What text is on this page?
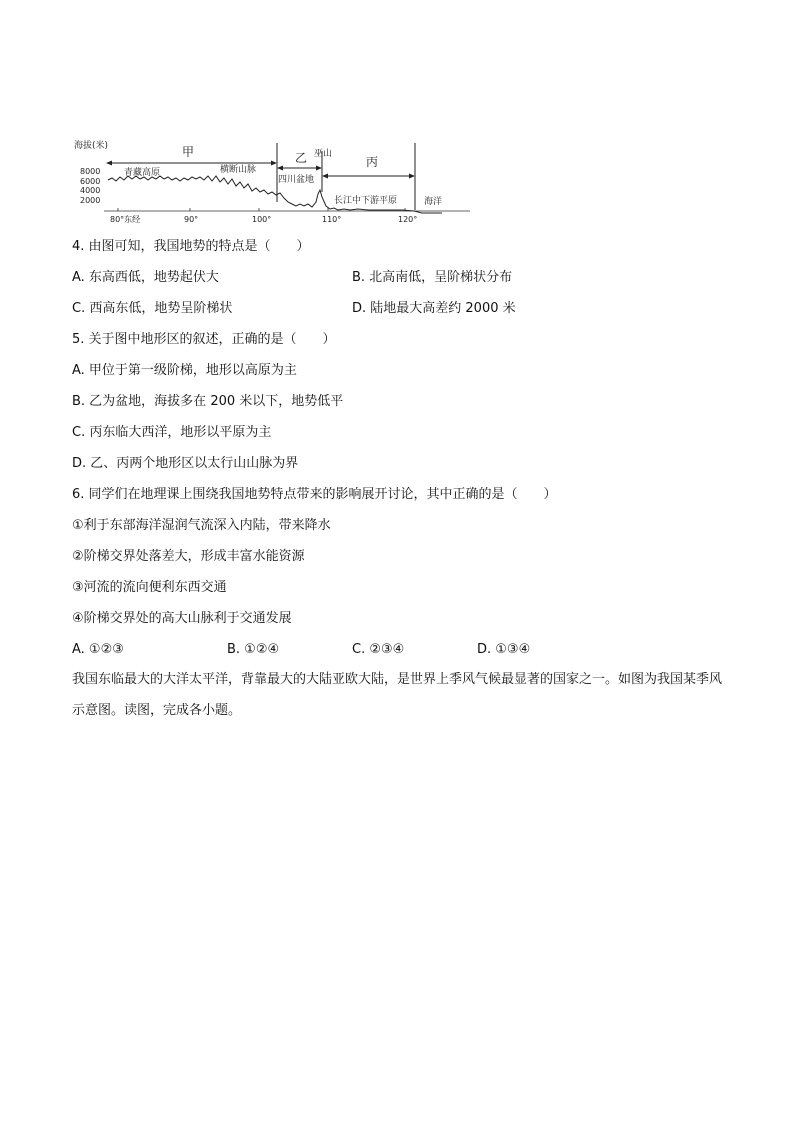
海拔(米)
8000
6000
4000
2000
80°东经	90°	100°	110°	120°
甲	乙	丙
青藏高原	横断山脉
四川盆地
巫山
长江中下游平原	海洋
4. 由图可知，我国地势的特点是（　　）
A. 东高西低，地势起伏大	B. 北高南低，呈阶梯状分布
C. 西高东低，地势呈阶梯状	D. 陆地最大高差约 2000 米
5. 关于图中地形区的叙述，正确的是（　　）
A. 甲位于第一级阶梯，地形以高原为主
B. 乙为盆地，海拔多在 200 米以下，地势低平
C. 丙东临大西洋，地形以平原为主
D. 乙、丙两个地形区以太行山山脉为界
6. 同学们在地理课上围绕我国地势特点带来的影响展开讨论，其中正确的是（　　）
①利于东部海洋湿润气流深入内陆，带来降水
②阶梯交界处落差大，形成丰富水能资源
③河流的流向便利东西交通
④阶梯交界处的高大山脉利于交通发展
A. ①②③	B. ①②④	C. ②③④	D. ①③④
我国东临最大的大洋太平洋，背靠最大的大陆亚欧大陆，是世界上季风气候最显著的国家之一。如图为我国某季风示意图。读图，完成各小题。
